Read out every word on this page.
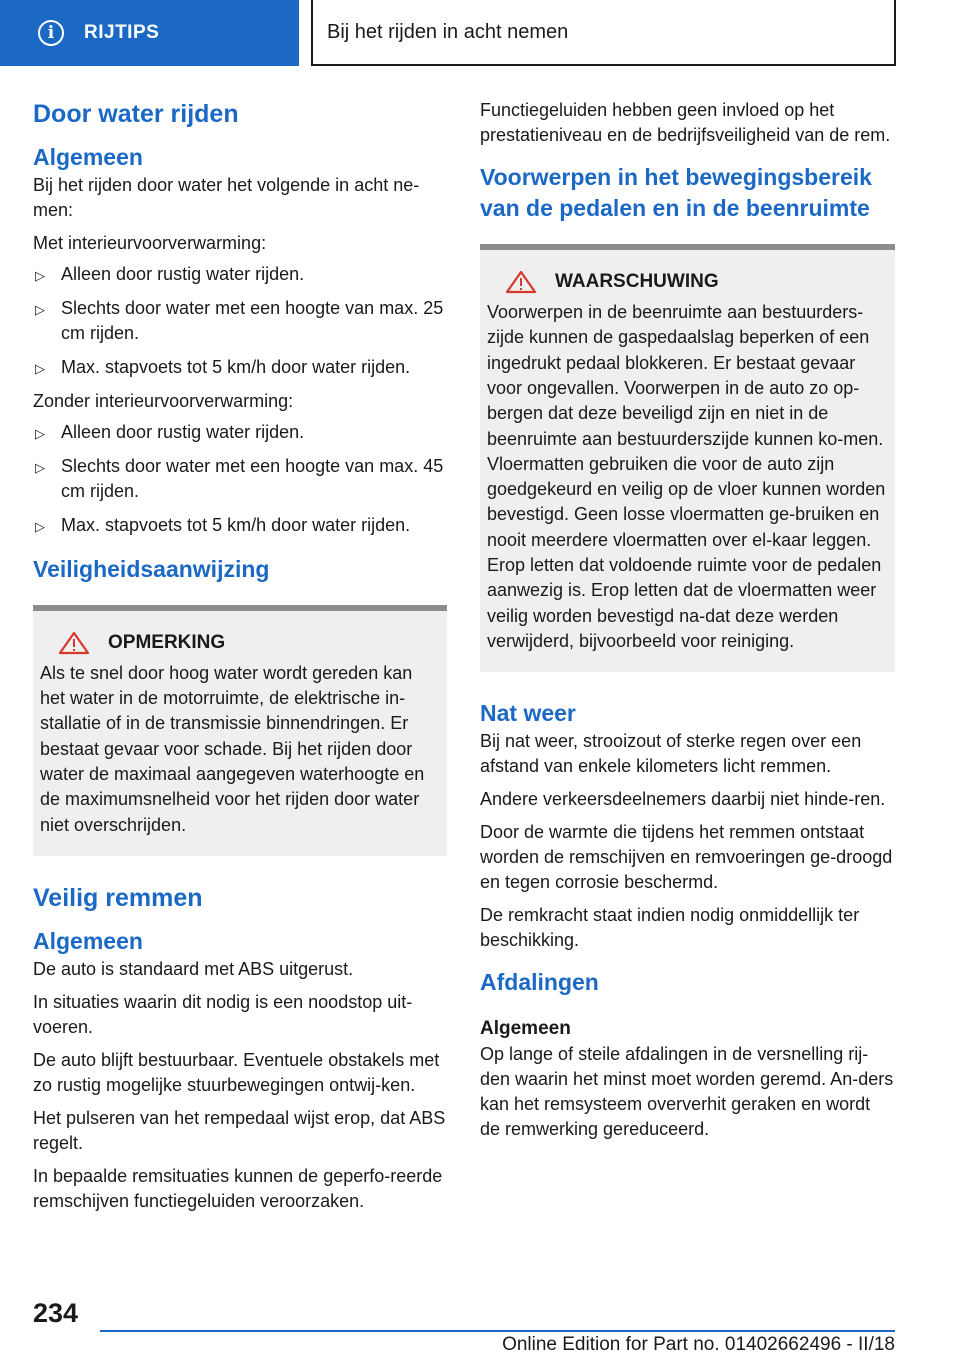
i	RIJTIPS	Bij het rijden in acht nemen
Door water rijden
Algemeen

Bij het rijden door water het volgende in acht ne-men:

Met interieurvoorverwarming:

▷ Alleen door rustig water rijden.
▷ Slechts door water met een hoogte van max. 25 cm rijden.
▷ Max. stapvoets tot 5 km/h door water rijden.

Zonder interieurvoorverwarming:

▷ Alleen door rustig water rijden.
▷ Slechts door water met een hoogte van max. 45 cm rijden.
▷ Max. stapvoets tot 5 km/h door water rijden.
Veiligheidsaanwijzing
OPMERKING
Als te snel door hoog water wordt gereden kan het water in de motorruimte, de elektrische in-stallatie of in de transmissie binnendringen. Er bestaat gevaar voor schade. Bij het rijden door water de maximaal aangegeven waterhoogte en de maximumsnelheid voor het rijden door water niet overschrijden.
Veilig remmen
Algemeen

De auto is standaard met ABS uitgerust.

In situaties waarin dit nodig is een noodstop uit-voeren.

De auto blijft bestuurbaar. Eventuele obstakels met zo rustig mogelijke stuurbewegingen ontwij-ken.

Het pulseren van het rempedaal wijst erop, dat ABS regelt.

In bepaalde remsituaties kunnen de geperfo-reerde remschijven functiegeluiden veroorzaken.

Functiegeluiden hebben geen invloed op het prestatieniveau en de bedrijfsveiligheid van de rem.

Voorwerpen in het bewegingsbereik van de pedalen en in de beenruimte
WAARSCHUWING
Voorwerpen in de beenruimte aan bestuurders-zijde kunnen de gaspedaalslag beperken of een ingedrukt pedaal blokkeren. Er bestaat gevaar voor ongevallen. Voorwerpen in de auto zo op-bergen dat deze beveiligd zijn en niet in de beenruimte aan bestuurderszijde kunnen ko-men. Vloermatten gebruiken die voor de auto zijn goedgekeurd en veilig op de vloer kunnen worden bevestigd. Geen losse vloermatten ge-bruiken en nooit meerdere vloermatten over el-kaar leggen. Erop letten dat voldoende ruimte voor de pedalen aanwezig is. Erop letten dat de vloermatten weer veilig worden bevestigd na-dat deze werden verwijderd, bijvoorbeeld voor reiniging.
Nat weer

Bij nat weer, strooizout of sterke regen over een afstand van enkele kilometers licht remmen.

Andere verkeersdeelnemers daarbij niet hinde-ren.

Door de warmte die tijdens het remmen ontstaat worden de remschijven en remvoeringen ge-droogd en tegen corrosie beschermd.

De remkracht staat indien nodig onmiddellijk ter beschikking.

Afdalingen
Algemeen

Op lange of steile afdalingen in de versnelling rij-den waarin het minst moet worden geremd. An-ders kan het remsysteem oververhit geraken en wordt de remwerking gereduceerd.

234
Online Edition for Part no. 01402662496 - II/18
